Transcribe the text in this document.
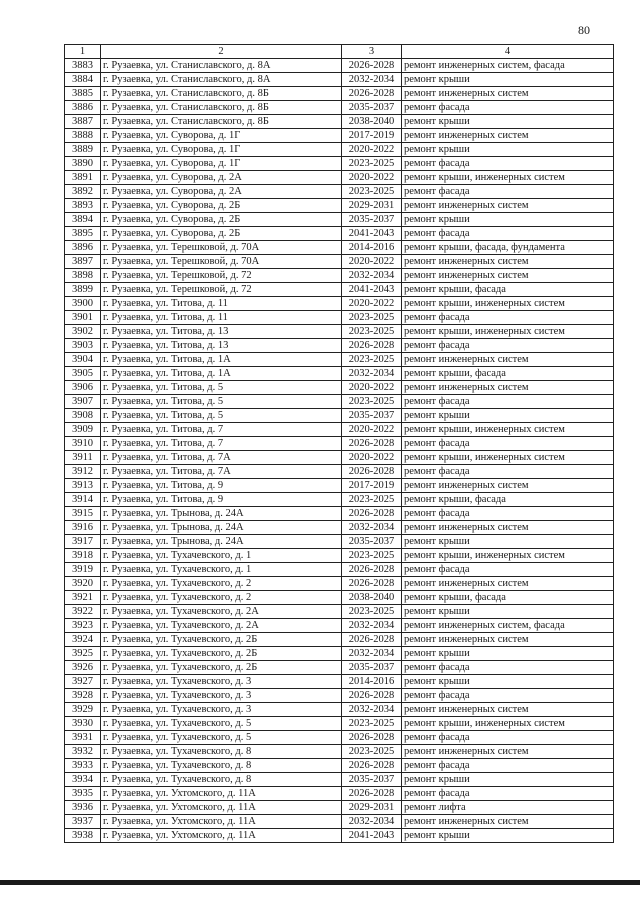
80
1	2	3	4
3883	г. Рузаевка, ул. Станиславского, д. 8А	2026-2028	ремонт инженерных систем, фасада
3884	г. Рузаевка, ул. Станиславского, д. 8А	2032-2034	ремонт крыши
3885	г. Рузаевка, ул. Станиславского, д. 8Б	2026-2028	ремонт инженерных систем
3886	г. Рузаевка, ул. Станиславского, д. 8Б	2035-2037	ремонт фасада
3887	г. Рузаевка, ул. Станиславского, д. 8Б	2038-2040	ремонт крыши
3888	г. Рузаевка, ул. Суворова, д. 1Г	2017-2019	ремонт инженерных систем
3889	г. Рузаевка, ул. Суворова, д. 1Г	2020-2022	ремонт крыши
3890	г. Рузаевка, ул. Суворова, д. 1Г	2023-2025	ремонт фасада
3891	г. Рузаевка, ул. Суворова, д. 2А	2020-2022	ремонт крыши, инженерных систем
3892	г. Рузаевка, ул. Суворова, д. 2А	2023-2025	ремонт фасада
3893	г. Рузаевка, ул. Суворова, д. 2Б	2029-2031	ремонт инженерных систем
3894	г. Рузаевка, ул. Суворова, д. 2Б	2035-2037	ремонт крыши
3895	г. Рузаевка, ул. Суворова, д. 2Б	2041-2043	ремонт фасада
3896	г. Рузаевка, ул. Терешковой, д. 70А	2014-2016	ремонт крыши, фасада, фундамента
3897	г. Рузаевка, ул. Терешковой, д. 70А	2020-2022	ремонт инженерных систем
3898	г. Рузаевка, ул. Терешковой, д. 72	2032-2034	ремонт инженерных систем
3899	г. Рузаевка, ул. Терешковой, д. 72	2041-2043	ремонт крыши, фасада
3900	г. Рузаевка, ул. Титова, д. 11	2020-2022	ремонт крыши, инженерных систем
3901	г. Рузаевка, ул. Титова, д. 11	2023-2025	ремонт фасада
3902	г. Рузаевка, ул. Титова, д. 13	2023-2025	ремонт крыши, инженерных систем
3903	г. Рузаевка, ул. Титова, д. 13	2026-2028	ремонт фасада
3904	г. Рузаевка, ул. Титова, д. 1А	2023-2025	ремонт инженерных систем
3905	г. Рузаевка, ул. Титова, д. 1А	2032-2034	ремонт крыши, фасада
3906	г. Рузаевка, ул. Титова, д. 5	2020-2022	ремонт инженерных систем
3907	г. Рузаевка, ул. Титова, д. 5	2023-2025	ремонт фасада
3908	г. Рузаевка, ул. Титова, д. 5	2035-2037	ремонт крыши
3909	г. Рузаевка, ул. Титова, д. 7	2020-2022	ремонт крыши, инженерных систем
3910	г. Рузаевка, ул. Титова, д. 7	2026-2028	ремонт фасада
3911	г. Рузаевка, ул. Титова, д. 7А	2020-2022	ремонт крыши, инженерных систем
3912	г. Рузаевка, ул. Титова, д. 7А	2026-2028	ремонт фасада
3913	г. Рузаевка, ул. Титова, д. 9	2017-2019	ремонт инженерных систем
3914	г. Рузаевка, ул. Титова, д. 9	2023-2025	ремонт крыши, фасада
3915	г. Рузаевка, ул. Трынова, д. 24А	2026-2028	ремонт фасада
3916	г. Рузаевка, ул. Трынова, д. 24А	2032-2034	ремонт инженерных систем
3917	г. Рузаевка, ул. Трынова, д. 24А	2035-2037	ремонт крыши
3918	г. Рузаевка, ул. Тухачевского, д. 1	2023-2025	ремонт крыши, инженерных систем
3919	г. Рузаевка, ул. Тухачевского, д. 1	2026-2028	ремонт фасада
3920	г. Рузаевка, ул. Тухачевского, д. 2	2026-2028	ремонт инженерных систем
3921	г. Рузаевка, ул. Тухачевского, д. 2	2038-2040	ремонт крыши, фасада
3922	г. Рузаевка, ул. Тухачевского, д. 2А	2023-2025	ремонт крыши
3923	г. Рузаевка, ул. Тухачевского, д. 2А	2032-2034	ремонт инженерных систем, фасада
3924	г. Рузаевка, ул. Тухачевского, д. 2Б	2026-2028	ремонт инженерных систем
3925	г. Рузаевка, ул. Тухачевского, д. 2Б	2032-2034	ремонт крыши
3926	г. Рузаевка, ул. Тухачевского, д. 2Б	2035-2037	ремонт фасада
3927	г. Рузаевка, ул. Тухачевского, д. 3	2014-2016	ремонт крыши
3928	г. Рузаевка, ул. Тухачевского, д. 3	2026-2028	ремонт фасада
3929	г. Рузаевка, ул. Тухачевского, д. 3	2032-2034	ремонт инженерных систем
3930	г. Рузаевка, ул. Тухачевского, д. 5	2023-2025	ремонт крыши, инженерных систем
3931	г. Рузаевка, ул. Тухачевского, д. 5	2026-2028	ремонт фасада
3932	г. Рузаевка, ул. Тухачевского, д. 8	2023-2025	ремонт инженерных систем
3933	г. Рузаевка, ул. Тухачевского, д. 8	2026-2028	ремонт фасада
3934	г. Рузаевка, ул. Тухачевского, д. 8	2035-2037	ремонт крыши
3935	г. Рузаевка, ул. Ухтомского, д. 11А	2026-2028	ремонт фасада
3936	г. Рузаевка, ул. Ухтомского, д. 11А	2029-2031	ремонт лифта
3937	г. Рузаевка, ул. Ухтомского, д. 11А	2032-2034	ремонт инженерных систем
3938	г. Рузаевка, ул. Ухтомского, д. 11А	2041-2043	ремонт крыши
